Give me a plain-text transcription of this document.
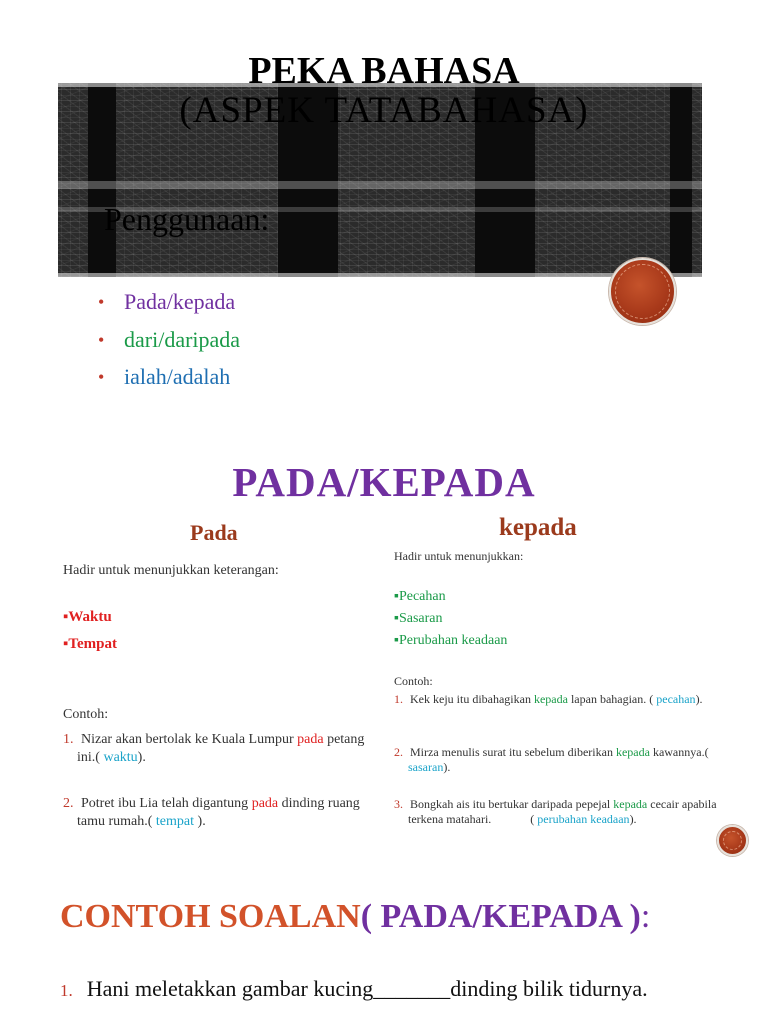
PEKA BAHASA
(ASPEK TATABAHASA)
Penggunaan:
• Pada/kepada
• dari/daripada
• ialah/adalah
PADA/KEPADA
Pada	kepada
Hadir untuk menunjukkan keterangan:
▪Waktu
▪Tempat
Contoh:
1. Nizar akan bertolak ke Kuala Lumpur pada petang ini.( waktu).
2. Potret ibu Lia telah digantung pada dinding ruang tamu rumah.( tempat ).
Hadir untuk menunjukkan:
▪Pecahan
▪Sasaran
▪Perubahan keadaan
Contoh:
1. Kek keju itu dibahagikan kepada lapan bahagian. ( pecahan).
2. Mirza menulis surat itu sebelum diberikan kepada kawannya.( sasaran).
3. Bongkah ais itu bertukar daripada pepejal kepada cecair apabila terkena matahari.             ( perubahan keadaan).
CONTOH SOALAN( PADA/KEPADA ):
1. Hani meletakkan gambar kucing_______dinding bilik tidurnya.
